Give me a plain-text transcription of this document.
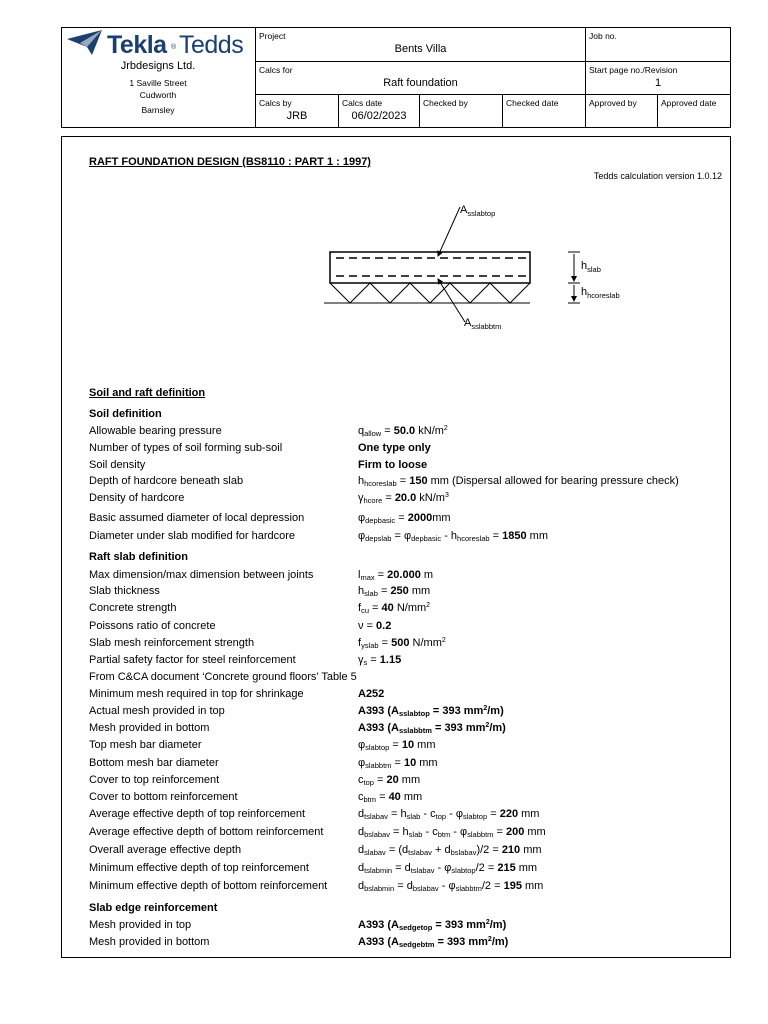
Tekla ® Tedds
Jrbdesigns Ltd.
1 Saville Street
Cudworth
Barnsley
Project
Bents Villa
Job no.
Calcs for
Raft foundation
Start page no./Revision
1
Calcs by
JRB
Calcs date
06/02/2023
Checked by	Checked date	Approved by	Approved date
RAFT FOUNDATION DESIGN (BS8110 : PART 1 : 1997)
Tedds calculation version 1.0.12
$A_{sslabtop}$
$A_{sslabbtm}$
$h_{slab}$
$h_{hcoreslab}$
Soil and raft definition
Soil definition
Allowable bearing pressure	$q_{allow} = 50.0$ $kN/m^2$
Number of types of soil forming sub-soil	One type only
Soil density	Firm to loose
Depth of hardcore beneath slab	$h_{hcoreslab} = 150$ mm (Dispersal allowed for bearing pressure check)
Density of hardcore	$\gamma_{hcore} = 20.0$ $kN/m^3$
Basic assumed diameter of local depression	$\varphi_{depbasic} = 2000mm$
Diameter under slab modified for hardcore	$\varphi_{depslab} = \varphi_{depbasic} - h_{hcoreslab} = 1850$ mm
Raft slab definition
Max dimension/max dimension between joints	$l_{max} = 20.000$ m
Slab thickness	$h_{slab} = 250$ mm
Concrete strength	$f_{cu} = 40$ $N/mm^2$
Poissons ratio of concrete	ν = 0.2
Slab mesh reinforcement strength	$f_{yslab} = 500$ $N/mm^2$
Partial safety factor for steel reinforcement	$\gamma_s = 1.15$
From C&CA document ‘Concrete ground floors’ Table 5
Minimum mesh required in top for shrinkage	A252
Actual mesh provided in top	A393 ($A_{sslabtop} = 393$ $mm^2/m$)
Mesh provided in bottom	A393 ($A_{sslabbtm} = 393$ $mm^2/m$)
Top mesh bar diameter	$\varphi_{slabtop} = 10$ mm
Bottom mesh bar diameter	$\varphi_{slabbtm} = 10$ mm
Cover to top reinforcement	$c_{top} = 20$ mm
Cover to bottom reinforcement	$c_{btm} = 40$ mm
Average effective depth of top reinforcement	$d_{tslabav} = h_{slab} - c_{top} - \varphi_{slabtop} = 220$ mm
Average effective depth of bottom reinforcement	$d_{bslabav} = h_{slab} - c_{btm} - \varphi_{slabbtm} = 200$ mm
Overall average effective depth	$d_{slabav} = (d_{tslabav} + d_{bslabav})/2 = 210$ mm
Minimum effective depth of top reinforcement	$d_{tslabmin} = d_{tslabav} - \varphi_{slabtop}/2 = 215$ mm
Minimum effective depth of bottom reinforcement	$d_{bslabmin} = d_{bslabav} - \varphi_{slabbtm}/2 = 195$ mm
Slab edge reinforcement
Mesh provided in top	A393 ($A_{sedgetop} = 393$ $mm^2/m$)
Mesh provided in bottom	A393 ($A_{sedgebtm} = 393$ $mm^2/m$)
